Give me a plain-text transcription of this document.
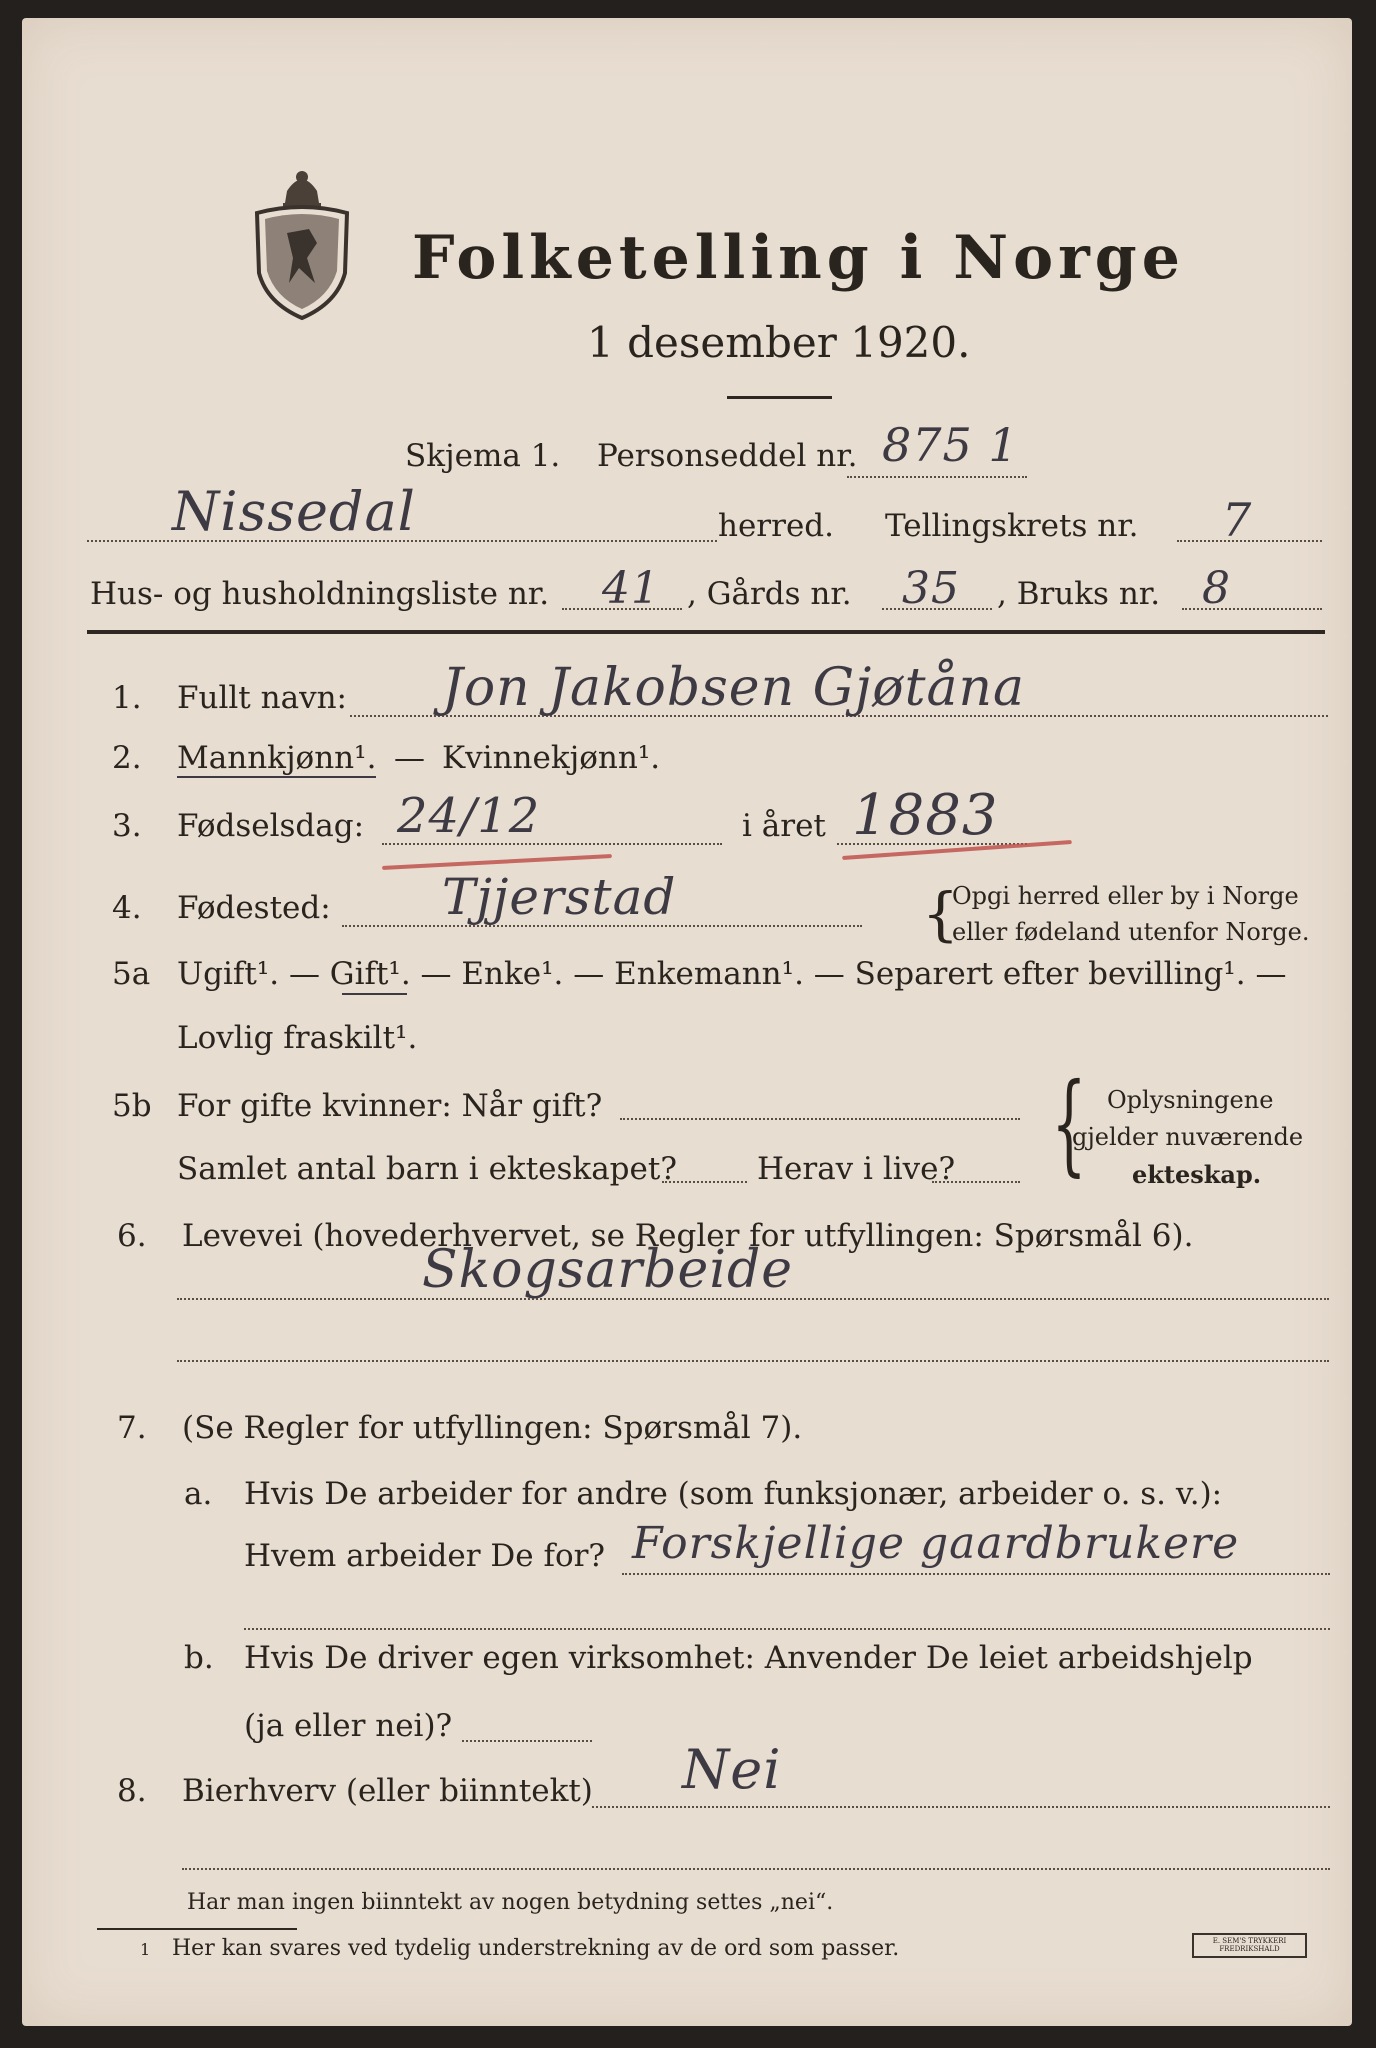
Folketelling i Norge
1 desember 1920.
Skjema 1. Personseddel nr. 875 1
Nissedal	herred. Tellingskrets nr. 7
Hus- og husholdningsliste nr. 41 , Gårds nr. 35 , Bruks nr. 8
1. Fullt navn: Jon Jakobsen Gjøtåna
2. Mannkjønn¹. — Kvinnekjønn¹.
3. Fødselsdag: 24/12	i året 1883
4. Fødested: Tjjerstad	{
Opgi herred eller by i Norge
eller fødeland utenfor Norge.
5a Ugift¹. — Gift¹. — Enke¹. — Enkemann¹. — Separert efter bevilling¹. —
Lovlig fraskilt¹.
5b For gifte kvinner: Når gift?
Samlet antal barn i ekteskapet?	Herav i live? { Oplysningene
gjelder nuværende
ekteskap.
6. Levevei (hovederhvervet, se Regler for utfyllingen: Spørsmål 6).
Skogsarbeide
7. (Se Regler for utfyllingen: Spørsmål 7).
a. Hvis De arbeider for andre (som funksjonær, arbeider o. s. v.):
Hvem arbeider De for? Forskjellige gaardbrukere
b. Hvis De driver egen virksomhet: Anvender De leiet arbeidshjelp
(ja eller nei)?
8. Bierhverv (eller biinntekt) Nei
Har man ingen biinntekt av nogen betydning settes „nei“.
1 Her kan svares ved tydelig understrekning av de ord som passer.	E. SEM'S TRYKKERI FREDRIKSHALD
